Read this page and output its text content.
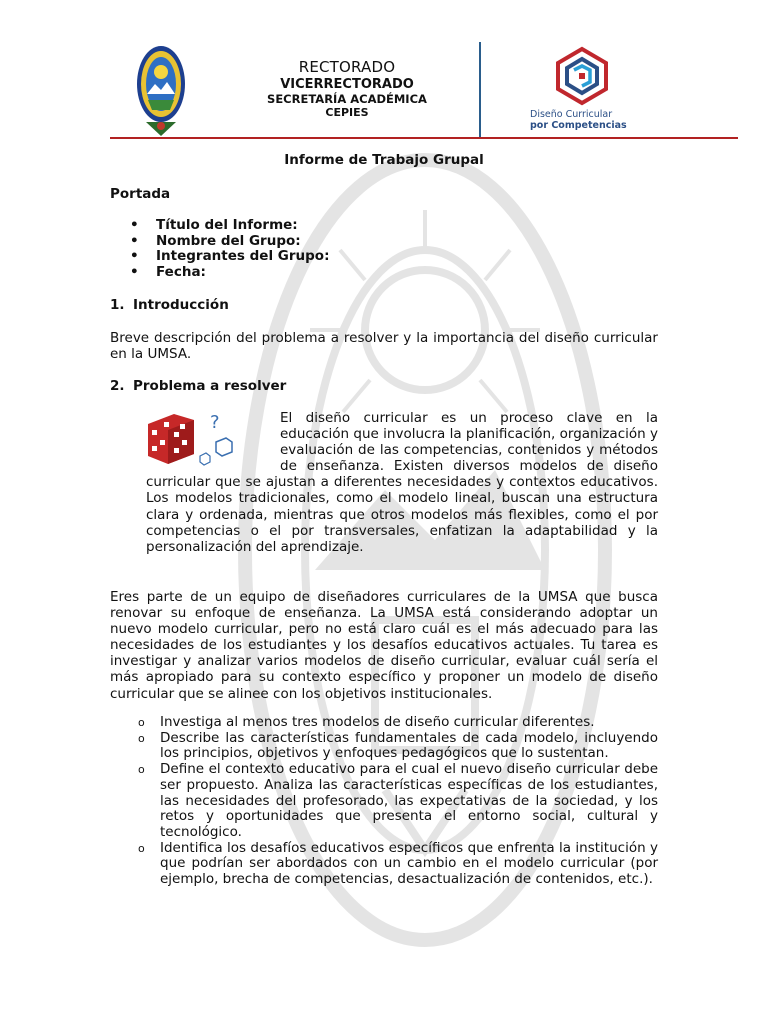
RECTORADO
VICERRECTORADO
SECRETARÍA ACADÉMICA
CEPIES	Diseño Curricular
por Competencias
Informe de Trabajo Grupal
Portada
• Título del Informe:
• Nombre del Grupo:
• Integrantes del Grupo:
• Fecha:
1. Introducción
Breve descripción del problema a resolver y la importancia del diseño curricular en la UMSA.
2. Problema a resolver
El diseño curricular es un proceso clave en la educación que involucra la planificación, organización y evaluación de las competencias, contenidos y métodos de enseñanza. Existen diversos modelos de diseño curricular que se ajustan a diferentes necesidades y contextos educativos. Los modelos tradicionales, como el modelo lineal, buscan una estructura clara y ordenada, mientras que otros modelos más flexibles, como el por competencias o el por transversales, enfatizan la adaptabilidad y la personalización del aprendizaje.
?
Eres parte de un equipo de diseñadores curriculares de la UMSA que busca renovar su enfoque de enseñanza. La UMSA está considerando adoptar un nuevo modelo curricular, pero no está claro cuál es el más adecuado para las necesidades de los estudiantes y los desafíos educativos actuales. Tu tarea es investigar y analizar varios modelos de diseño curricular, evaluar cuál sería el más apropiado para su contexto específico y proponer un modelo de diseño curricular que se alinee con los objetivos institucionales.
o Investiga al menos tres modelos de diseño curricular diferentes.
o Describe las características fundamentales de cada modelo, incluyendo los principios, objetivos y enfoques pedagógicos que lo sustentan.
o Define el contexto educativo para el cual el nuevo diseño curricular debe ser propuesto. Analiza las características específicas de los estudiantes, las necesidades del profesorado, las expectativas de la sociedad, y los retos y oportunidades que presenta el entorno social, cultural y tecnológico.
o Identifica los desafíos educativos específicos que enfrenta la institución y que podrían ser abordados con un cambio en el modelo curricular (por ejemplo, brecha de competencias, desactualización de contenidos, etc.).
